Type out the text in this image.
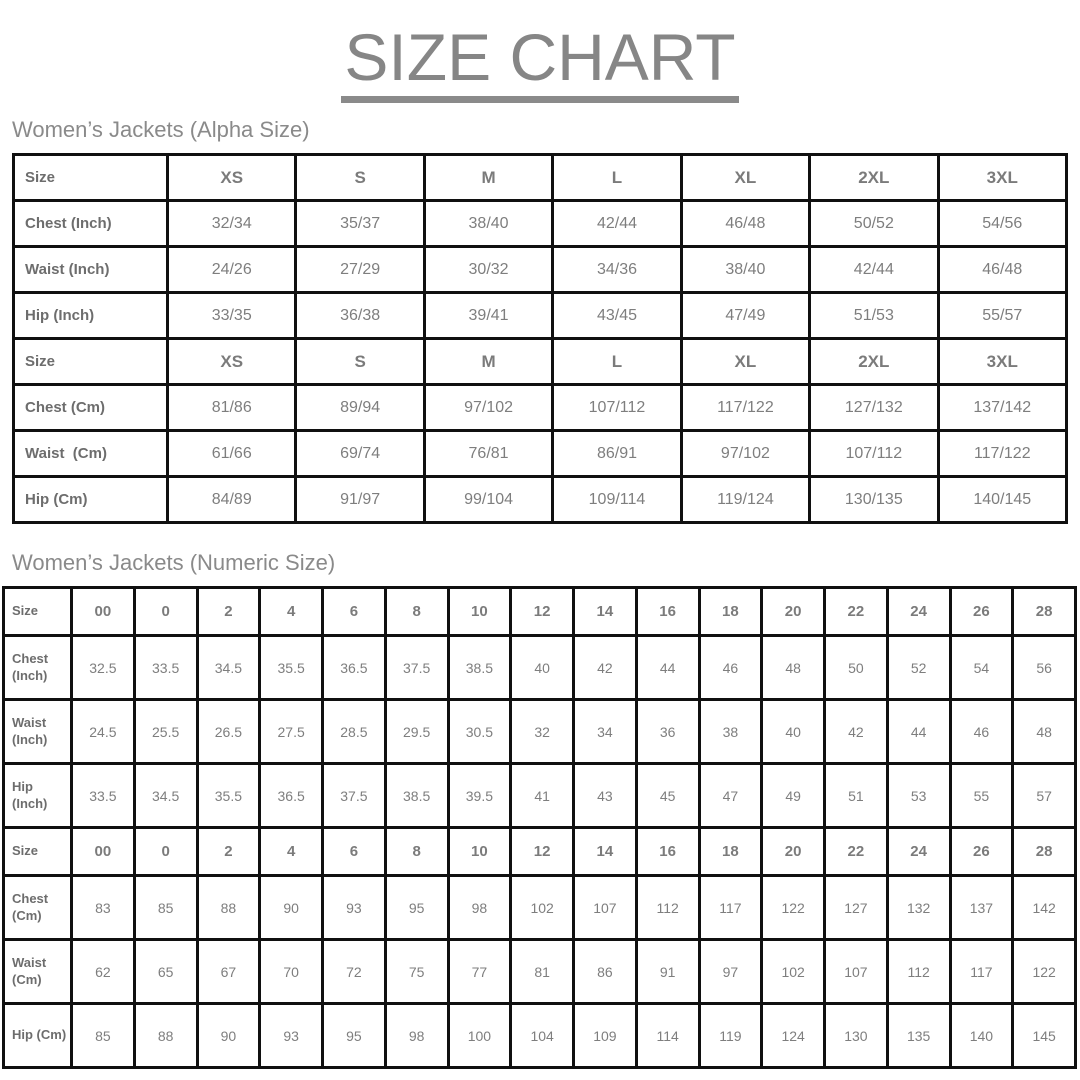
SIZE CHART
Women’s Jackets (Alpha Size)
Size	XS	S	M	L	XL	2XL	3XL
Chest (Inch)	32/34	35/37	38/40	42/44	46/48	50/52	54/56
Waist (Inch)	24/26	27/29	30/32	34/36	38/40	42/44	46/48
Hip (Inch)	33/35	36/38	39/41	43/45	47/49	51/53	55/57
Size	XS	S	M	L	XL	2XL	3XL
Chest (Cm)	81/86	89/94	97/102	107/112	117/122	127/132	137/142
Waist  (Cm)	61/66	69/74	76/81	86/91	97/102	107/112	117/122
Hip (Cm)	84/89	91/97	99/104	109/114	119/124	130/135	140/145
Women’s Jackets (Numeric Size)
Size	00	0	2	4	6	8	10	12	14	16	18	20	22	24	26	28
Chest (Inch)	32.5	33.5	34.5	35.5	36.5	37.5	38.5	40	42	44	46	48	50	52	54	56
Waist (Inch)	24.5	25.5	26.5	27.5	28.5	29.5	30.5	32	34	36	38	40	42	44	46	48
Hip (Inch)	33.5	34.5	35.5	36.5	37.5	38.5	39.5	41	43	45	47	49	51	53	55	57
Size	00	0	2	4	6	8	10	12	14	16	18	20	22	24	26	28
Chest (Cm)	83	85	88	90	93	95	98	102	107	112	117	122	127	132	137	142
Waist (Cm)	62	65	67	70	72	75	77	81	86	91	97	102	107	112	117	122
Hip (Cm)	85	88	90	93	95	98	100	104	109	114	119	124	130	135	140	145
